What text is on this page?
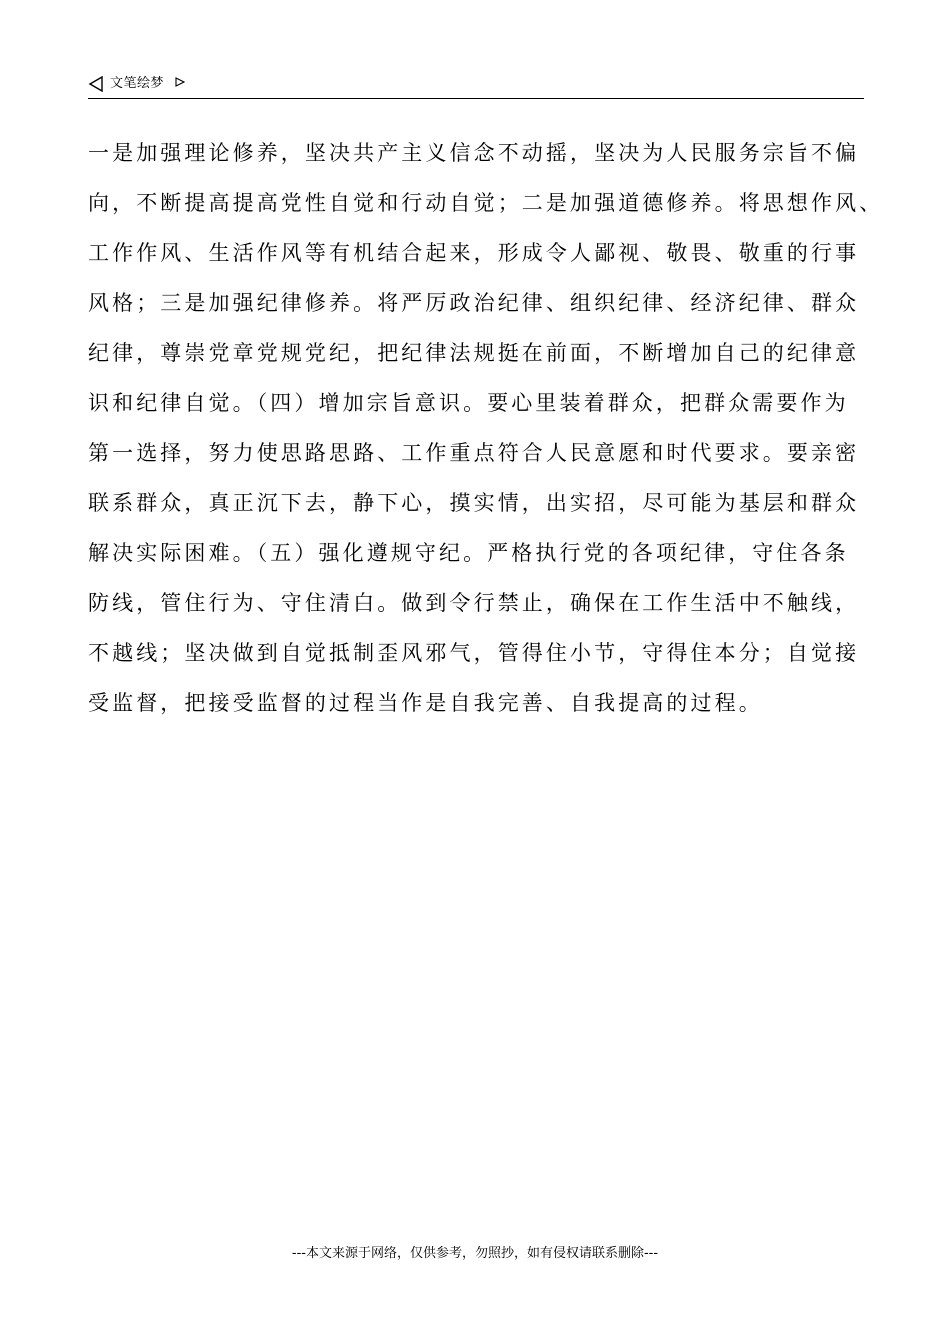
文笔绘梦
一是加强理论修养，坚决共产主义信念不动摇，坚决为人民服务宗旨不偏
向，不断提高提高党性自觉和行动自觉；二是加强道德修养。将思想作风、
工作作风、生活作风等有机结合起来，形成令人鄙视、敬畏、敬重的行事
风格；三是加强纪律修养。将严厉政治纪律、组织纪律、经济纪律、群众
纪律，尊崇党章党规党纪，把纪律法规挺在前面，不断增加自己的纪律意
识和纪律自觉。（四）增加宗旨意识。要心里装着群众，把群众需要作为
第一选择，努力使思路思路、工作重点符合人民意愿和时代要求。要亲密
联系群众，真正沉下去，静下心，摸实情，出实招，尽可能为基层和群众
解决实际困难。（五）强化遵规守纪。严格执行党的各项纪律，守住各条
防线，管住行为、守住清白。做到令行禁止，确保在工作生活中不触线，
不越线；坚决做到自觉抵制歪风邪气，管得住小节，守得住本分；自觉接
受监督，把接受监督的过程当作是自我完善、自我提高的过程。
---本文来源于网络，仅供参考，勿照抄，如有侵权请联系删除---
